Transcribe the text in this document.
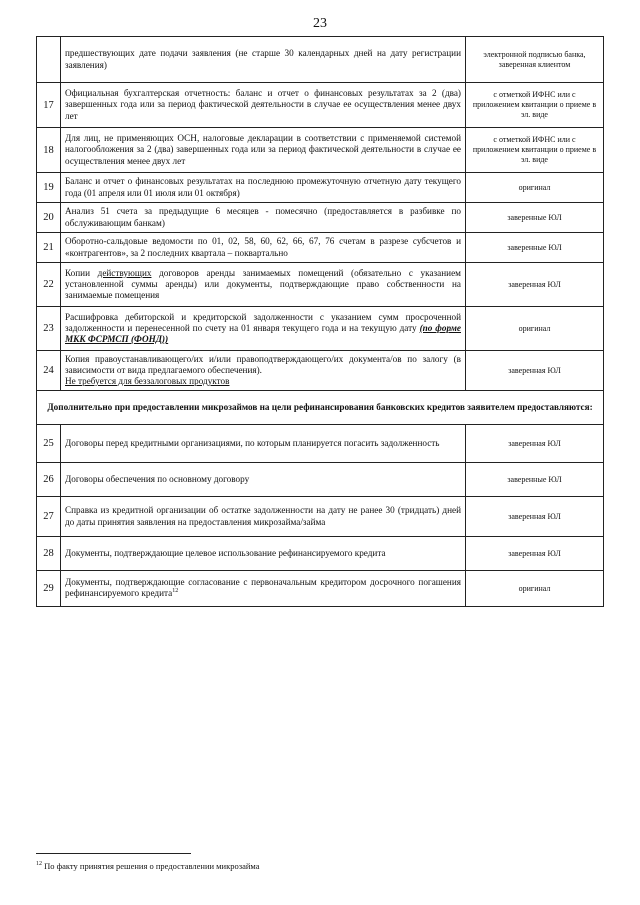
23
	предшествующих дате подачи заявления (не старше 30 календарных дней на дату регистрации заявления)	электронной подписью банка, заверенная клиентом
17	Официальная бухгалтерская отчетность: баланс и отчет о финансовых результатах за 2 (два) завершенных года или за период фактической деятельности в случае ее осуществления менее двух лет	с отметкой ИФНС или с приложением квитанции о приеме в эл. виде
18	Для лиц, не применяющих ОСН, налоговые декларации в соответствии с применяемой системой налогообложения за 2 (два) завершенных года или за период фактической деятельности в случае ее осуществления менее двух лет	с отметкой ИФНС или с приложением квитанции о приеме в эл. виде
19	Баланс и отчет о финансовых результатах на последнюю промежуточную отчетную дату текущего года (01 апреля или 01 июля или 01 октября)	оригинал
20	Анализ 51 счета за предыдущие 6 месяцев - помесячно (предоставляется в разбивке по обслуживающим банкам)	заверенные ЮЛ
21	Оборотно-сальдовые ведомости по 01, 02, 58, 60, 62, 66, 67, 76 счетам в разрезе субсчетов и «контрагентов», за 2 последних квартала – поквартально	заверенные ЮЛ
22	Копии действующих договоров аренды занимаемых помещений (обязательно с указанием установленной суммы аренды) или документы, подтверждающие право собственности на занимаемые помещения	заверенная ЮЛ
23	Расшифровка дебиторской и кредиторской задолженности с указанием сумм просроченной задолженности и перенесенной по счету на 01 января текущего года и на текущую дату (по форме МКК ФСРМСП (ФОНД))	оригинал
24	Копия правоустанавливающего/их и/или правоподтверждающего/их документа/ов по залогу (в зависимости от вида предлагаемого обеспечения).
Не требуется для беззалоговых продуктов	заверенная ЮЛ
Дополнительно при предоставлении микрозаймов на цели рефинансирования банковских кредитов заявителем предоставляются:		
25	Договоры перед кредитными организациями, по которым планируется погасить задолженность	заверенная ЮЛ
26	Договоры обеспечения по основному договору	заверенные ЮЛ
27	Справка из кредитной организации об остатке задолженности на дату не ранее 30 (тридцать) дней до даты принятия заявления на предоставления микрозайма/займа	заверенная ЮЛ
28	Документы, подтверждающие целевое использование рефинансируемого кредита	заверенная ЮЛ
29	Документы, подтверждающие согласование с первоначальным кредитором досрочного погашения рефинансируемого кредита$^{12}$	оригинал
$^{12}$ По факту принятия решения о предоставлении микрозайма
